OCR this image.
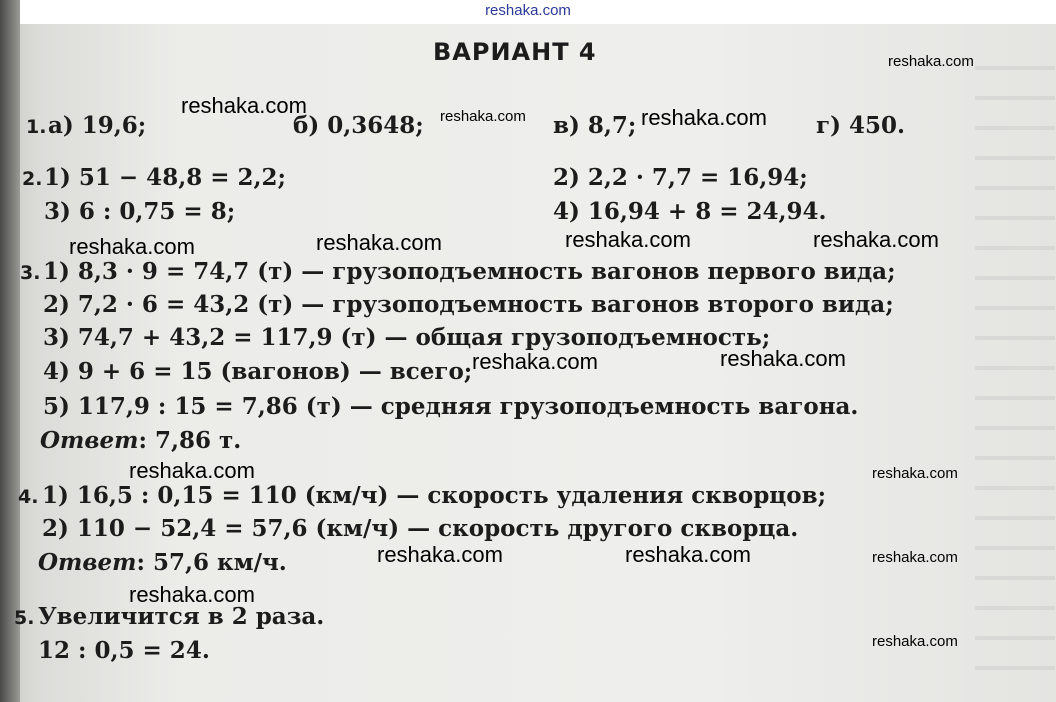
reshaka.com
ВАРИАНТ 4
1. а) 19,6;	б) 0,3648;	в) 8,7;	г) 450.
2. 1) 51 − 48,8 = 2,2;	2) 2,2 · 7,7 = 16,94;
3) 6 : 0,75 = 8;	4) 16,94 + 8 = 24,94.
3. 1) 8,3 · 9 = 74,7 (т) — грузоподъемность вагонов первого вида;
2) 7,2 · 6 = 43,2 (т) — грузоподъемность вагонов второго вида;
3) 74,7 + 43,2 = 117,9 (т) — общая грузоподъемность;
4) 9 + 6 = 15 (вагонов) — всего;
5) 117,9 : 15 = 7,86 (т) — средняя грузоподъемность вагона.
Ответ: 7,86 т.
4. 1) 16,5 : 0,15 = 110 (км/ч) — скорость удаления скворцов;
2) 110 − 52,4 = 57,6 (км/ч) — скорость другого скворца.
Ответ: 57,6 км/ч.
5. Увеличится в 2 раза.
12 : 0,5 = 24.
reshaka.com
reshaka.com	reshaka.com	reshaka.com
reshaka.com	reshaka.com	reshaka.com	reshaka.com
reshaka.com	reshaka.com
reshaka.com	reshaka.com
reshaka.com	reshaka.com	reshaka.com
reshaka.com
reshaka.com
